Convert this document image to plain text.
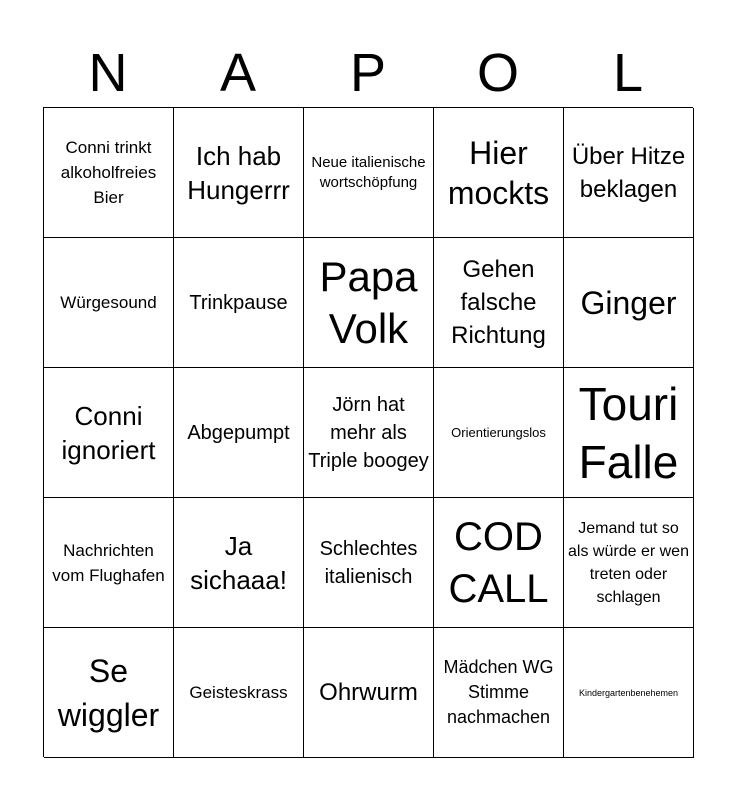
N	A	P	O	L
Conni trinkt alkoholfreies Bier
Ich hab Hungerrr
Neue italienische wortschöpfung
Hier mockts
Über Hitze beklagen
Würgesound	Trinkpause
Papa Volk
Gehen falsche Richtung
Ginger
Conni ignoriert
Abgepumpt
Jörn hat mehr als Triple boogey
Orientierungslos
Touri Falle
Nachrichten vom Flughafen
Ja sichaaa!
Schlechtes italienisch
COD CALL
Jemand tut so als würde er wen treten oder schlagen
Se wiggler
Geisteskrass	Ohrwurm
Mädchen WG Stimme nachmachen
Kindergartenbenehemen
